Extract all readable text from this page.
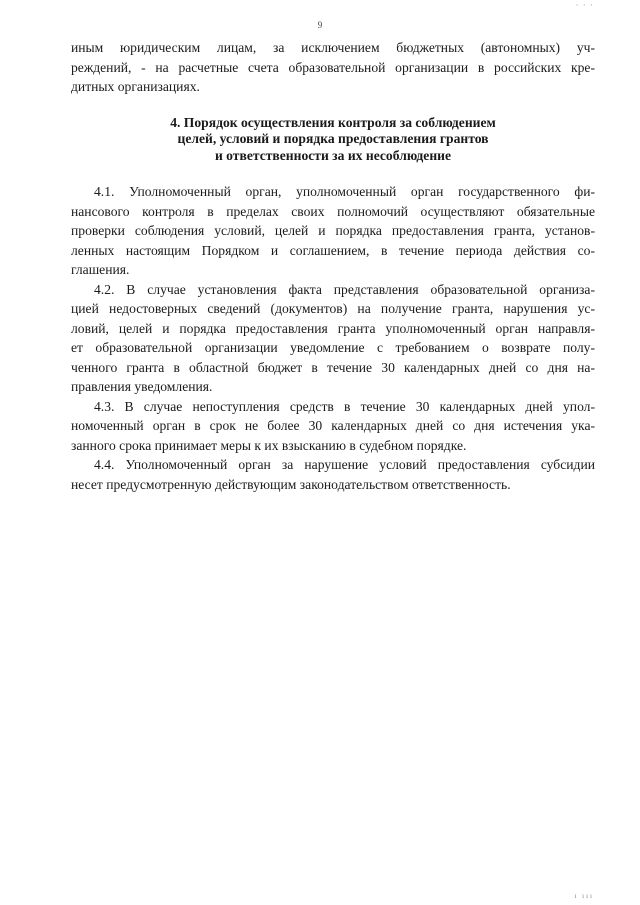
9
· · ·
иным юридическим лицам, за исключением бюджетных (автономных) уч-
реждений, - на расчетные счета образовательной организации в российских кре-
дитных организациях.
4. Порядок осуществления контроля за соблюдением
целей, условий и порядка предоставления грантов
и ответственности за их несоблюдение
4.1. Уполномоченный орган, уполномоченный орган государственного фи-
нансового контроля в пределах своих полномочий осуществляют обязательные
проверки соблюдения условий, целей и порядка предоставления гранта, установ-
ленных настоящим Порядком и соглашением, в течение периода действия со-
глашения.
4.2. В случае установления факта представления образовательной организа-
цией недостоверных сведений (документов) на получение гранта, нарушения ус-
ловий, целей и порядка предоставления гранта уполномоченный орган направля-
ет образовательной организации уведомление с требованием о возврате полу-
ченного гранта в областной бюджет в течение 30 календарных дней со дня на-
правления уведомления.
4.3. В случае непоступления средств в течение 30 календарных дней упол-
номоченный орган в срок не более 30 календарных дней со дня истечения ука-
занного срока принимает меры к их взысканию в судебном порядке.
4.4. Уполномоченный орган за нарушение условий предоставления субсидии
несет предусмотренную действующим законодательством ответственность.
ı ııı
